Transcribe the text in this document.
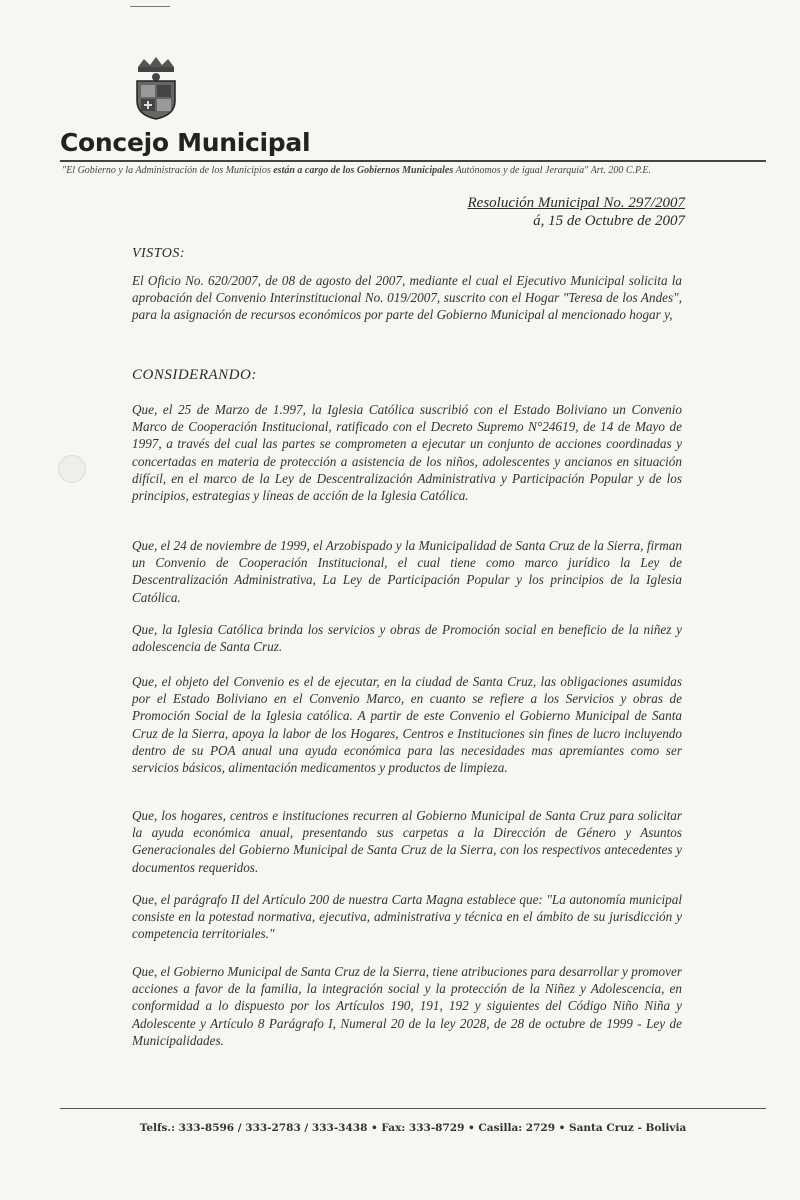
Concejo Municipal
"El Gobierno y la Administración de los Municipios están a cargo de los Gobiernos Municipales Autónomos y de igual Jerarquía" Art. 200 C.P.E.
Resolución Municipal No. 297/2007
á, 15 de Octubre de 2007
VISTOS:
El Oficio No. 620/2007, de 08 de agosto del 2007, mediante el cual el Ejecutivo Municipal solicita la aprobación del Convenio Interinstitucional No. 019/2007, suscrito con el Hogar "Teresa de los Andes", para la asignación de recursos económicos por parte del Gobierno Municipal al mencionado hogar y,
CONSIDERANDO:
Que, el 25 de Marzo de 1.997, la Iglesia Católica suscribió con el Estado Boliviano un Convenio Marco de Cooperación Institucional, ratificado con el Decreto Supremo N°24619, de 14 de Mayo de 1997, a través del cual las partes se comprometen a ejecutar un conjunto de acciones coordinadas y concertadas en materia de protección a asistencia de los niños, adolescentes y ancianos en situación difícil, en el marco de la Ley de Descentralización Administrativa y Participación Popular y de los principios, estrategias y líneas de acción de la Iglesia Católica.
Que, el 24 de noviembre de 1999, el Arzobispado y la Municipalidad de Santa Cruz de la Sierra, firman un Convenio de Cooperación Institucional, el cual tiene como marco jurídico la Ley de Descentralización Administrativa, La Ley de Participación Popular y los principios de la Iglesia Católica.
Que, la Iglesia Católica brinda los servicios y obras de Promoción social en beneficio de la niñez y adolescencia de Santa Cruz.
Que, el objeto del Convenio es el de ejecutar, en la ciudad de Santa Cruz, las obligaciones asumidas por el Estado Boliviano en el Convenio Marco, en cuanto se refiere a los Servicios y obras de Promoción Social de la Iglesia católica. A partir de este Convenio el Gobierno Municipal de Santa Cruz de la Sierra, apoya la labor de los Hogares, Centros e Instituciones sin fines de lucro incluyendo dentro de su POA anual una ayuda económica para las necesidades mas apremiantes como ser servicios básicos, alimentación medicamentos y productos de limpieza.
Que, los hogares, centros e instituciones recurren al Gobierno Municipal de Santa Cruz para solicitar la ayuda económica anual, presentando sus carpetas a la Dirección de Género y Asuntos Generacionales del Gobierno Municipal de Santa Cruz de la Sierra, con los respectivos antecedentes y documentos requeridos.
Que, el parágrafo II del Artículo 200 de nuestra Carta Magna establece que: "La autonomía municipal consiste en la potestad normativa, ejecutiva, administrativa y técnica en el ámbito de su jurisdicción y competencia territoriales."
Que, el Gobierno Municipal de Santa Cruz de la Sierra, tiene atribuciones para desarrollar y promover acciones a favor de la familia, la integración social y la protección de la Niñez y Adolescencia, en conformidad a lo dispuesto por los Artículos 190, 191, 192 y siguientes del Código Niño Niña y Adolescente y Artículo 8 Parágrafo I, Numeral 20 de la ley 2028, de 28 de octubre de 1999 - Ley de Municipalidades.
Telfs.: 333-8596 / 333-2783 / 333-3438 • Fax: 333-8729 • Casilla: 2729 • Santa Cruz - Bolivia
